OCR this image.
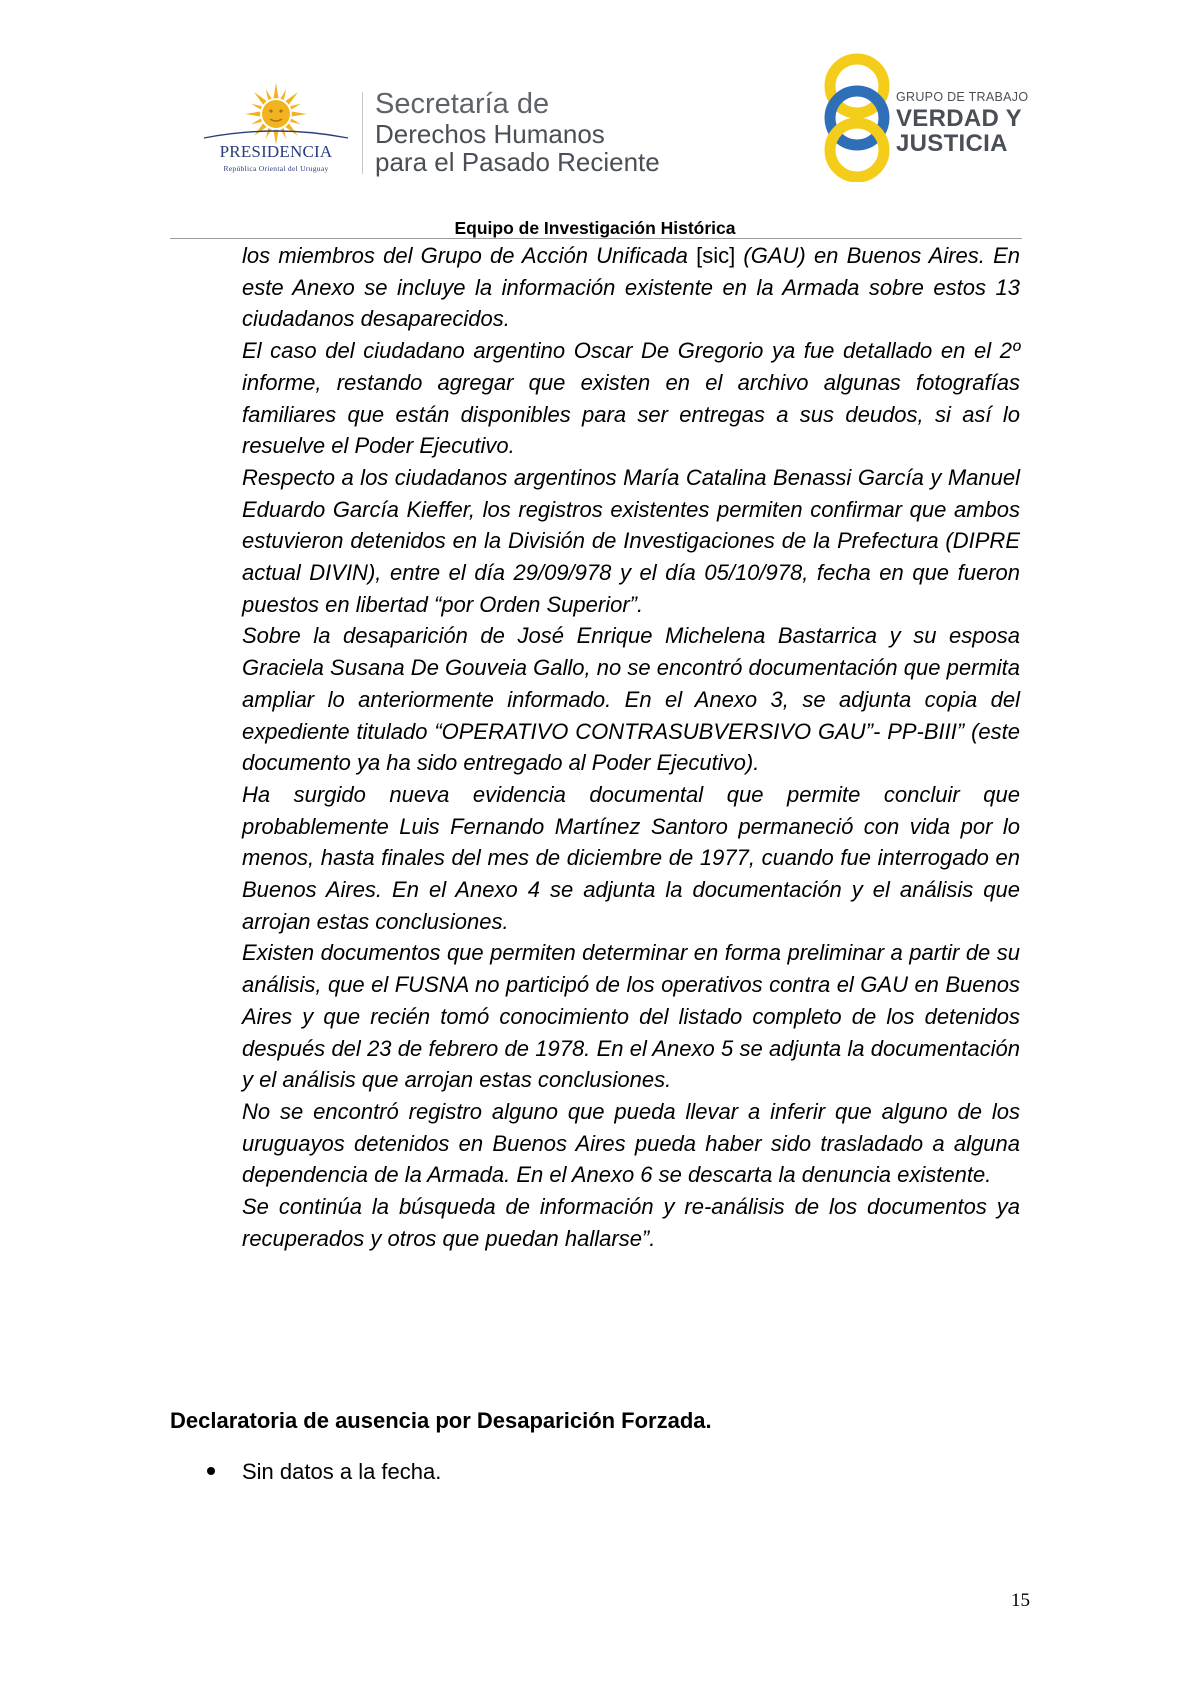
PRESIDENCIA
República Oriental del Uruguay
Secretaría de
Derechos Humanos
para el Pasado Reciente
GRUPO DE TRABAJO
VERDAD Y
JUSTICIA
Equipo de Investigación Histórica

los miembros del Grupo de Acción Unificada [sic] (GAU) en Buenos Aires. En este Anexo se incluye la información existente en la Armada sobre estos 13 ciudadanos desaparecidos.

El caso del ciudadano argentino Oscar De Gregorio ya fue detallado en el 2º informe, restando agregar que existen en el archivo algunas fotografías familiares que están disponibles para ser entregas a sus deudos, si así lo resuelve el Poder Ejecutivo.

Respecto a los ciudadanos argentinos María Catalina Benassi García y Manuel Eduardo García Kieffer, los registros existentes permiten confirmar que ambos estuvieron detenidos en la División de Investigaciones de la Prefectura (DIPRE actual DIVIN), entre el día 29/09/978 y el día 05/10/978, fecha en que fueron puestos en libertad “por Orden Superior”.

Sobre la desaparición de José Enrique Michelena Bastarrica y su esposa Graciela Susana De Gouveia Gallo, no se encontró documentación que permita ampliar lo anteriormente informado. En el Anexo 3, se adjunta copia del expediente titulado “OPERATIVO CONTRASUBVERSIVO GAU”- PP-BIII” (este documento ya ha sido entregado al Poder Ejecutivo).

Ha surgido nueva evidencia documental que permite concluir que probablemente Luis Fernando Martínez Santoro permaneció con vida por lo menos, hasta finales del mes de diciembre de 1977, cuando fue interrogado en Buenos Aires. En el Anexo 4 se adjunta la documentación y el análisis que arrojan estas conclusiones.

Existen documentos que permiten determinar en forma preliminar a partir de su análisis, que el FUSNA no participó de los operativos contra el GAU en Buenos Aires y que recién tomó conocimiento del listado completo de los detenidos después del 23 de febrero de 1978. En el Anexo 5 se adjunta la documentación y el análisis que arrojan estas conclusiones.

No se encontró registro alguno que pueda llevar a inferir que alguno de los uruguayos detenidos en Buenos Aires pueda haber sido trasladado a alguna dependencia de la Armada. En el Anexo 6 se descarta la denuncia existente.

Se continúa la búsqueda de información y re-análisis de los documentos ya recuperados y otros que puedan hallarse”.

Declaratoria de ausencia por Desaparición Forzada.
Sin datos a la fecha.
15
